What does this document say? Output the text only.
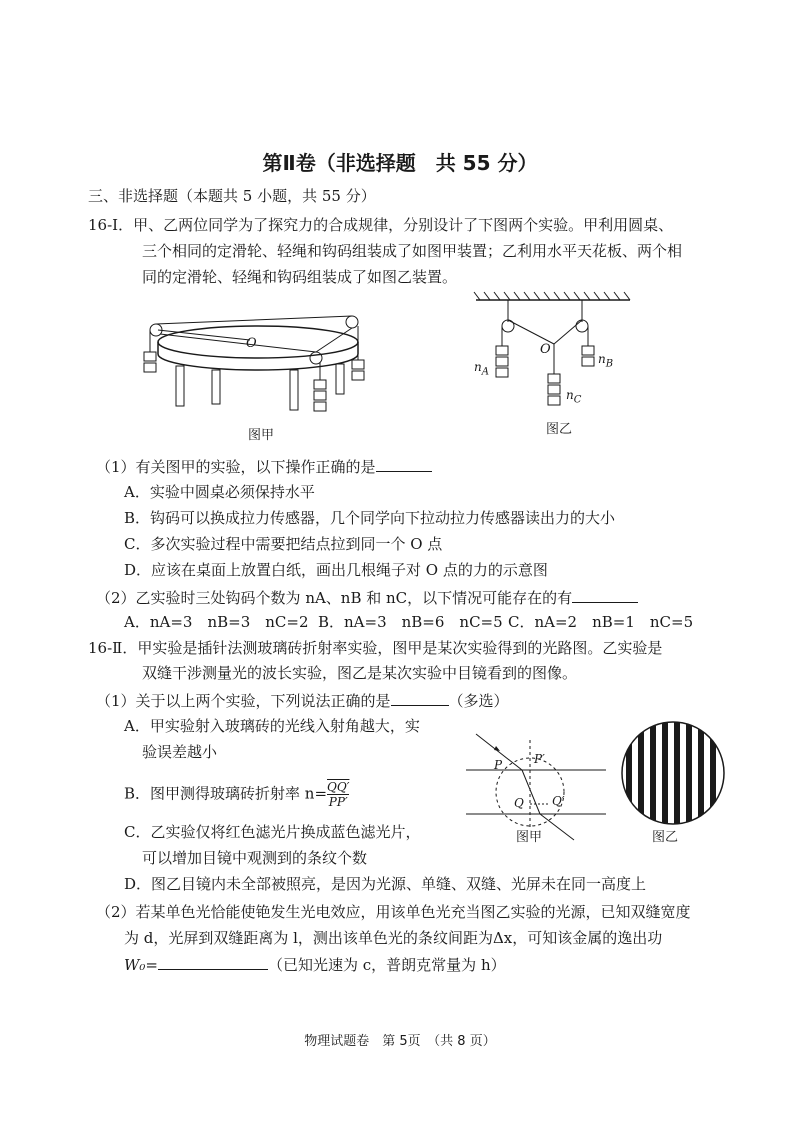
第Ⅱ卷（非选择题　共 55 分）
三、非选择题（本题共 5 小题，共 55 分）
16-Ⅰ．甲、乙两位同学为了探究力的合成规律，分别设计了下图两个实验。甲利用圆桌、
三个相同的定滑轮、轻绳和钩码组装成了如图甲装置；乙利用水平天花板、两个相
同的定滑轮、轻绳和钩码组装成了如图乙装置。
O
图甲
O
$n_A$
$n_B$
$n_C$
图乙
（1）有关图甲的实验，以下操作正确的是
A．实验中圆桌必须保持水平
B．钩码可以换成拉力传感器，几个同学向下拉动拉力传感器读出力的大小
C．多次实验过程中需要把结点拉到同一个 O 点
D．应该在桌面上放置白纸，画出几根绳子对 O 点的力的示意图
（2）乙实验时三处钩码个数为 nA、nB 和 nC，以下情况可能存在的有
A．nA=3　nB=3　nC=2 B．nA=3　nB=6　nC=5 C．nA=2　nB=1　nC=5
16-Ⅱ．甲实验是插针法测玻璃砖折射率实验，图甲是某次实验得到的光路图。乙实验是
双缝干涉测量光的波长实验，图乙是某次实验中目镜看到的图像。
（1）关于以上两个实验，下列说法正确的是	（多选）
A．甲实验射入玻璃砖的光线入射角越大，实
验误差越小
B．图甲测得玻璃砖折射率 $n= \frac{QQ'}{PP'}$
C．乙实验仅将红色滤光片换成蓝色滤光片，
可以增加目镜中观测到的条纹个数
D．图乙目镜内未全部被照亮，是因为光源、单缝、双缝、光屏未在同一高度上
P	P′
Q Q′
图甲	图乙
（2）若某单色光恰能使铯发生光电效应，用该单色光充当图乙实验的光源，已知双缝宽度
为 d，光屏到双缝距离为 l，测出该单色光的条纹间距为Δx，可知该金属的逸出功
W₀=	（已知光速为 c，普朗克常量为 h）
物理试题卷　第 5页　（共 8 页）
